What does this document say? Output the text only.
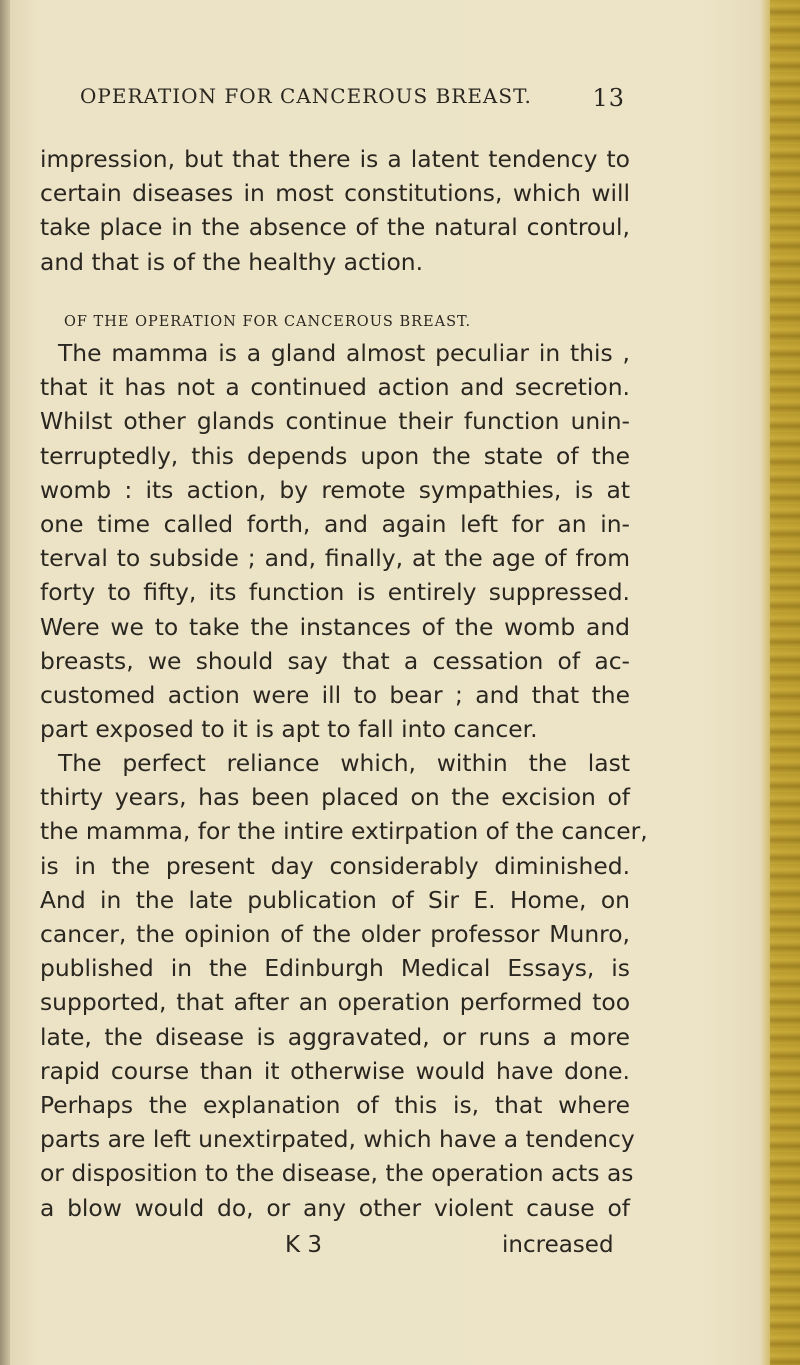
OPERATION FOR CANCEROUS BREAST.	13
impression, but that there is a latent tendency to
certain diseases in most constitutions, which will
take place in the absence of the natural controul,
and that is of the healthy action.
OF THE OPERATION FOR CANCEROUS BREAST.
The mamma is a gland almost peculiar in this ,
that it has not a continued action and secretion.
Whilst other glands continue their function unin-
terruptedly, this depends upon the state of the
womb : its action, by remote sympathies, is at
one time called forth, and again left for an in-
terval to subside ; and, finally, at the age of from
forty to fifty, its function is entirely suppressed.
Were we to take the instances of the womb and
breasts, we should say that a cessation of ac-
customed action were ill to bear ; and that the
part exposed to it is apt to fall into cancer.
The perfect reliance which, within the last
thirty years, has been placed on the excision of
the mamma, for the intire extirpation of the cancer,
is in the present day considerably diminished.
And in the late publication of Sir E. Home, on
cancer, the opinion of the older professor Munro,
published in the Edinburgh Medical Essays, is
supported, that after an operation performed too
late, the disease is aggravated, or runs a more
rapid course than it otherwise would have done.
Perhaps the explanation of this is, that where
parts are left unextirpated, which have a tendency
or disposition to the disease, the operation acts as
a blow would do, or any other violent cause of
K 3	increased
